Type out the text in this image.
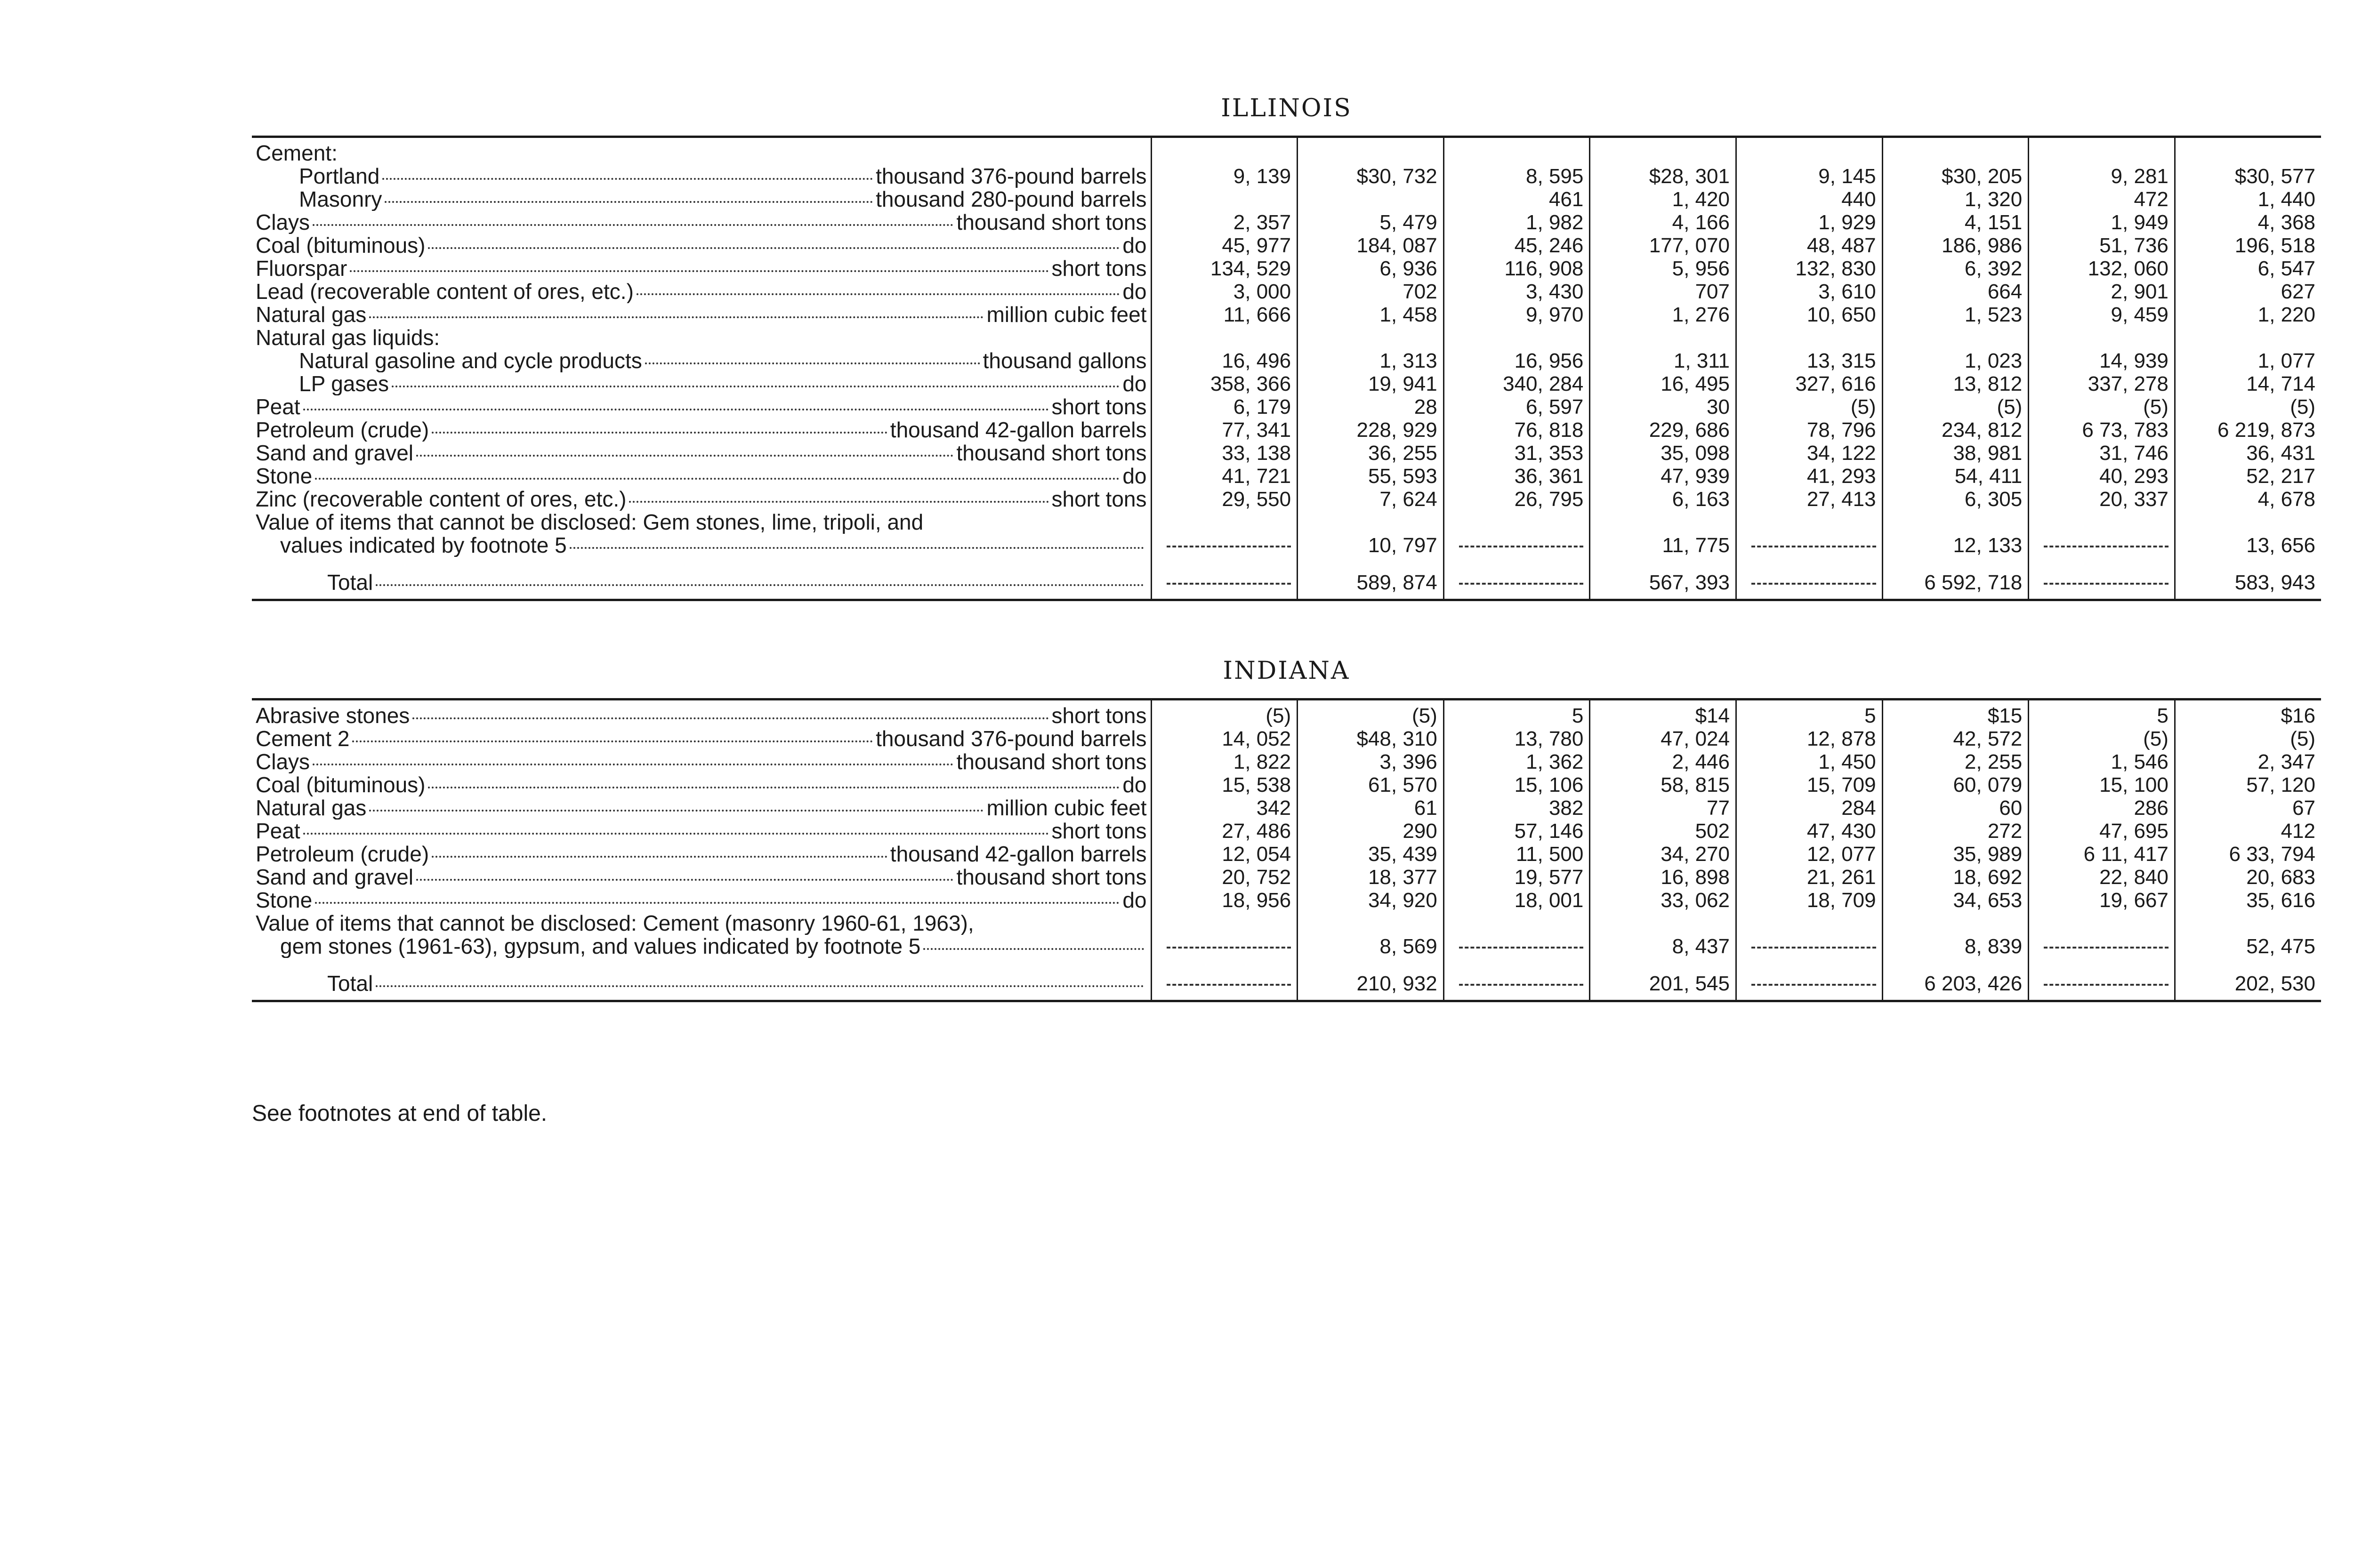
ILLINOIS
Cement:								

Portland thousand 376-pound barrels	9, 139	$30, 732	8, 595	$28, 301	9, 145	$30, 205	9, 281	$30, 577

Masonry thousand 280-pound barrels			461	1, 420	440	1, 320	472	1, 440

Clays thousand short tons	2, 357	5, 479	1, 982	4, 166	1, 929	4, 151	1, 949	4, 368

Coal (bituminous) do	45, 977	184, 087	45, 246	177, 070	48, 487	186, 986	51, 736	196, 518

Fluorspar short tons	134, 529	6, 936	116, 908	5, 956	132, 830	6, 392	132, 060	6, 547

Lead (recoverable content of ores, etc.) do	3, 000	702	3, 430	707	3, 610	664	2, 901	627

Natural gas million cubic feet	11, 666	1, 458	9, 970	1, 276	10, 650	1, 523	9, 459	1, 220
Natural gas liquids:								

Natural gasoline and cycle products thousand gallons	16, 496	1, 313	16, 956	1, 311	13, 315	1, 023	14, 939	1, 077

LP gases do	358, 366	19, 941	340, 284	16, 495	327, 616	13, 812	337, 278	14, 714

Peat short tons	6, 179	28	6, 597	30	(5)	(5)	(5)	(5)

Petroleum (crude) thousand 42-gallon barrels	77, 341	228, 929	76, 818	229, 686	78, 796	234, 812	6 73, 783	6 219, 873

Sand and gravel thousand short tons	33, 138	36, 255	31, 353	35, 098	34, 122	38, 981	31, 746	36, 431

Stone do	41, 721	55, 593	36, 361	47, 939	41, 293	54, 411	40, 293	52, 217

Zinc (recoverable content of ores, etc.) short tons	29, 550	7, 624	26, 795	6, 163	27, 413	6, 305	20, 337	4, 678
Value of items that cannot be disclosed: Gem stones, lime, tripoli, and								

values indicated by footnote 5		10, 797		11, 775		12, 133		13, 656

Total		589, 874		567, 393		6 592, 718		583, 943
INDIANA
Abrasive stones short tons	(5)	(5)	5	$14	5	$15	5	$16

Cement 2 thousand 376-pound barrels	14, 052	$48, 310	13, 780	47, 024	12, 878	42, 572	(5)	(5)

Clays thousand short tons	1, 822	3, 396	1, 362	2, 446	1, 450	2, 255	1, 546	2, 347

Coal (bituminous) do	15, 538	61, 570	15, 106	58, 815	15, 709	60, 079	15, 100	57, 120

Natural gas million cubic feet	342	61	382	77	284	60	286	67

Peat short tons	27, 486	290	57, 146	502	47, 430	272	47, 695	412

Petroleum (crude) thousand 42-gallon barrels	12, 054	35, 439	11, 500	34, 270	12, 077	35, 989	6 11, 417	6 33, 794

Sand and gravel thousand short tons	20, 752	18, 377	19, 577	16, 898	21, 261	18, 692	22, 840	20, 683

Stone do	18, 956	34, 920	18, 001	33, 062	18, 709	34, 653	19, 667	35, 616
Value of items that cannot be disclosed: Cement (masonry 1960-61, 1963),								

gem stones (1961-63), gypsum, and values indicated by footnote 5		8, 569		8, 437		8, 839		52, 475

Total		210, 932		201, 545		6 203, 426		202, 530
See footnotes at end of table.
